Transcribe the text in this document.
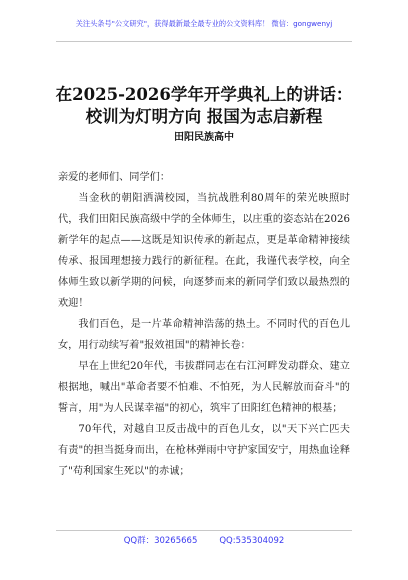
关注头条号"公文研究"，获得最新最全最专业的公文资料库！ 微信：gongwenyj
在2025-2026学年开学典礼上的讲话：
校训为灯明方向 报国为志启新程
田阳民族高中

亲爱的老师们、同学们：

当金秋的朝阳洒满校园，当抗战胜利80周年的荣光映照时代，我们田阳民族高级中学的全体师生，以庄重的姿态站在2026新学年的起点——这既是知识传承的新起点，更是革命精神接续传承、报国理想接力践行的新征程。在此，我谨代表学校，向全体师生致以新学期的问候，向逐梦而来的新同学们致以最热烈的欢迎！

我们百色，是一片革命精神浩荡的热土。不同时代的百色儿女，用行动续写着"报效祖国"的精神长卷：

早在上世纪20年代，韦拔群同志在右江河畔发动群众、建立根据地，喊出"革命者要不怕难、不怕死，为人民解放而奋斗"的誓言，用"为人民谋幸福"的初心，筑牢了田阳红色精神的根基；

70年代，对越自卫反击战中的百色儿女，以"天下兴亡匹夫有责"的担当挺身而出，在枪林弹雨中守护家国安宁，用热血诠释了"苟利国家生死以"的赤诚；

QQ群：30265665	QQ:535304092
